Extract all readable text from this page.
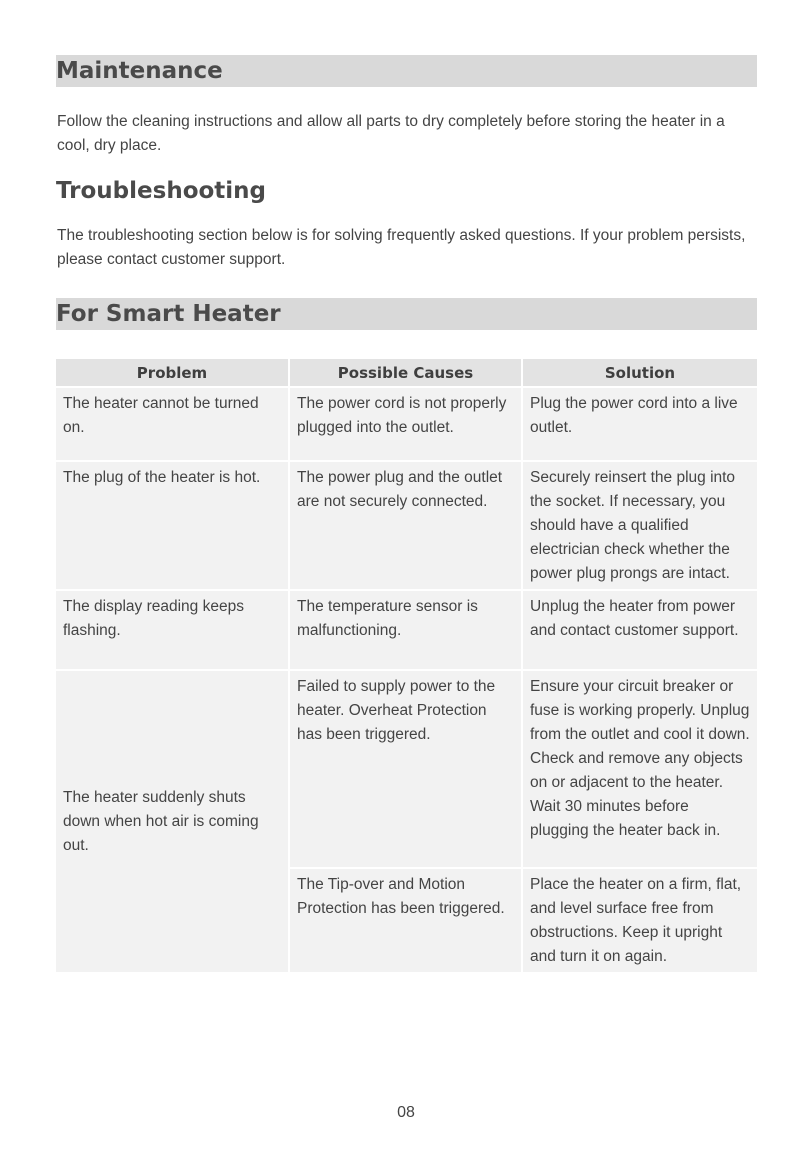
Maintenance
Follow the cleaning instructions and allow all parts to dry completely before storing the heater in a cool, dry place.
Troubleshooting
The troubleshooting section below is for solving frequently asked questions. If your problem persists, please contact customer support.
For Smart Heater
Problem	Possible Causes	Solution
The heater cannot be turned on.	The power cord is not properly plugged into the outlet.	Plug the power cord into a live outlet.
The plug of the heater is hot.	The power plug and the outlet are not securely connected.	Securely reinsert the plug into the socket. If necessary, you should have a qualified electrician check whether the power plug prongs are intact.
The display reading keeps flashing.	The temperature sensor is malfunctioning.	Unplug the heater from power and contact customer support.
The heater suddenly shuts down when hot air is coming out.	Failed to supply power to the heater. Overheat Protection has been triggered.	Ensure your circuit breaker or fuse is working properly. Unplug from the outlet and cool it down. Check and remove any objects on or adjacent to the heater. Wait 30 minutes before plugging the heater back in.
	The Tip-over and Motion Protection has been triggered.	Place the heater on a firm, flat, and level surface free from obstructions. Keep it upright and turn it on again.
08
